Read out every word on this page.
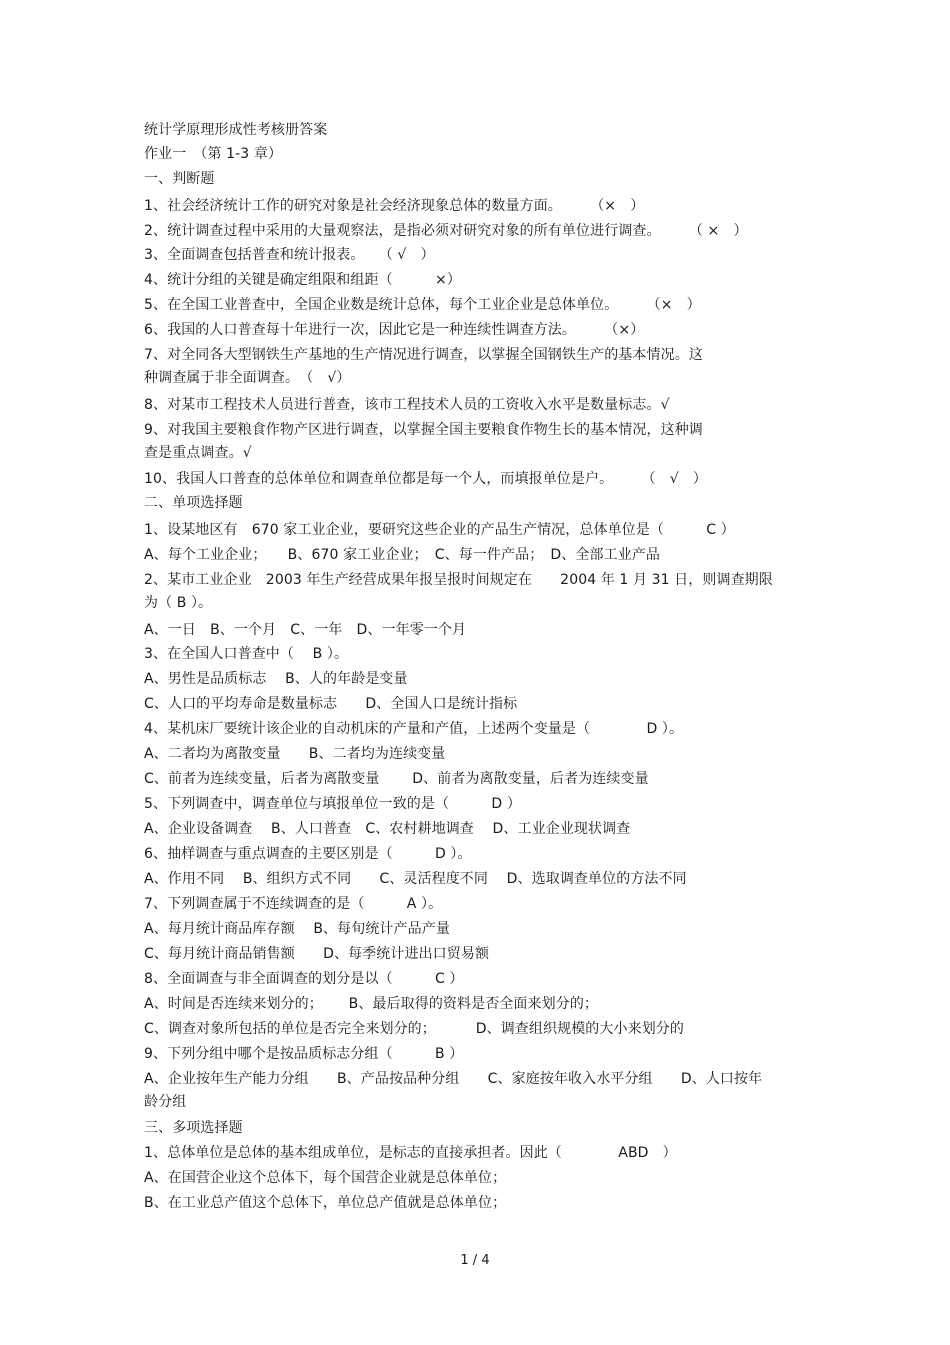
统计学原理形成性考核册答案
作业一　（第 1-3 章）
一、判断题
1、社会经济统计工作的研究对象是社会经济现象总体的数量方面。　　　（×　）
2、统计调查过程中采用的大量观察法，是指必须对研究对象的所有单位进行调查。　　　（ ×　）
3、全面调查包括普查和统计报表。　　（ √　）
4、统计分组的关键是确定组限和组距（　　　×）
5、在全国工业普查中，全国企业数是统计总体，每个工业企业是总体单位。　　　（×　）
6、我国的人口普查每十年进行一次，因此它是一种连续性调查方法。　　　（×）
7、对全同各大型钢铁生产基地的生产情况进行调查，以掌握全国钢铁生产的基本情况。这
种调查属于非全面调查。　（　√）
8、对某市工程技术人员进行普查，该市工程技术人员的工资收入水平是数量标志。√
9、对我国主要粮食作物产区进行调查，以掌握全国主要粮食作物生长的基本情况，这种调
查是重点调查。√
10、我国人口普查的总体单位和调查单位都是每一个人，而填报单位是户。　　　（　√　）
二、单项选择题
1、设某地区有　670 家工业企业，要研究这些企业的产品生产情况，总体单位是（　　　C ）
A、每个工业企业；　　B、670 家工业企业；　C、每一件产品；　D、全部工业产品
2、某市工业企业　2003 年生产经营成果年报呈报时间规定在　　2004 年 1 月 31 日，则调查期限
为（ B ）。
A、一日　B、一个月　C、一年　D、一年零一个月
3、在全国人口普查中（　 B ）。
A、男性是品质标志　 B、人的年龄是变量
C、人口的平均寿命是数量标志　　D、全国人口是统计指标
4、某机床厂要统计该企业的自动机床的产量和产值，上述两个变量是（　　　　D ）。
A、二者均为离散变量　　B、二者均为连续变量
C、前者为连续变量，后者为离散变量　　 D、前者为离散变量，后者为连续变量
5、下列调查中，调查单位与填报单位一致的是（　　　D ）
A、企业设备调查　 B、人口普查　C、农村耕地调查　 D、工业企业现状调查
6、抽样调查与重点调查的主要区别是（　　　D ）。
A、作用不同　 B、组织方式不同　　C、灵活程度不同　 D、选取调查单位的方法不同
7、下列调查属于不连续调查的是（　　　A ）。
A、每月统计商品库存额　 B、每旬统计产品产量
C、每月统计商品销售额　　D、每季统计进出口贸易额
8、全面调查与非全面调查的划分是以（　　　C ）
A、时间是否连续来划分的；　　 B、最后取得的资料是否全面来划分的；
C、调查对象所包括的单位是否完全来划分的；　　　 D、调查组织规模的大小来划分的
9、下列分组中哪个是按品质标志分组（　　　B ）
A、企业按年生产能力分组　　B、产品按品种分组　　C、家庭按年收入水平分组　　D、人口按年
龄分组
三、多项选择题
1、总体单位是总体的基本组成单位，是标志的直接承担者。因此（　　　　ABD　）
A、在国营企业这个总体下，每个国营企业就是总体单位；
B、在工业总产值这个总体下，单位总产值就是总体单位；
1 / 4
